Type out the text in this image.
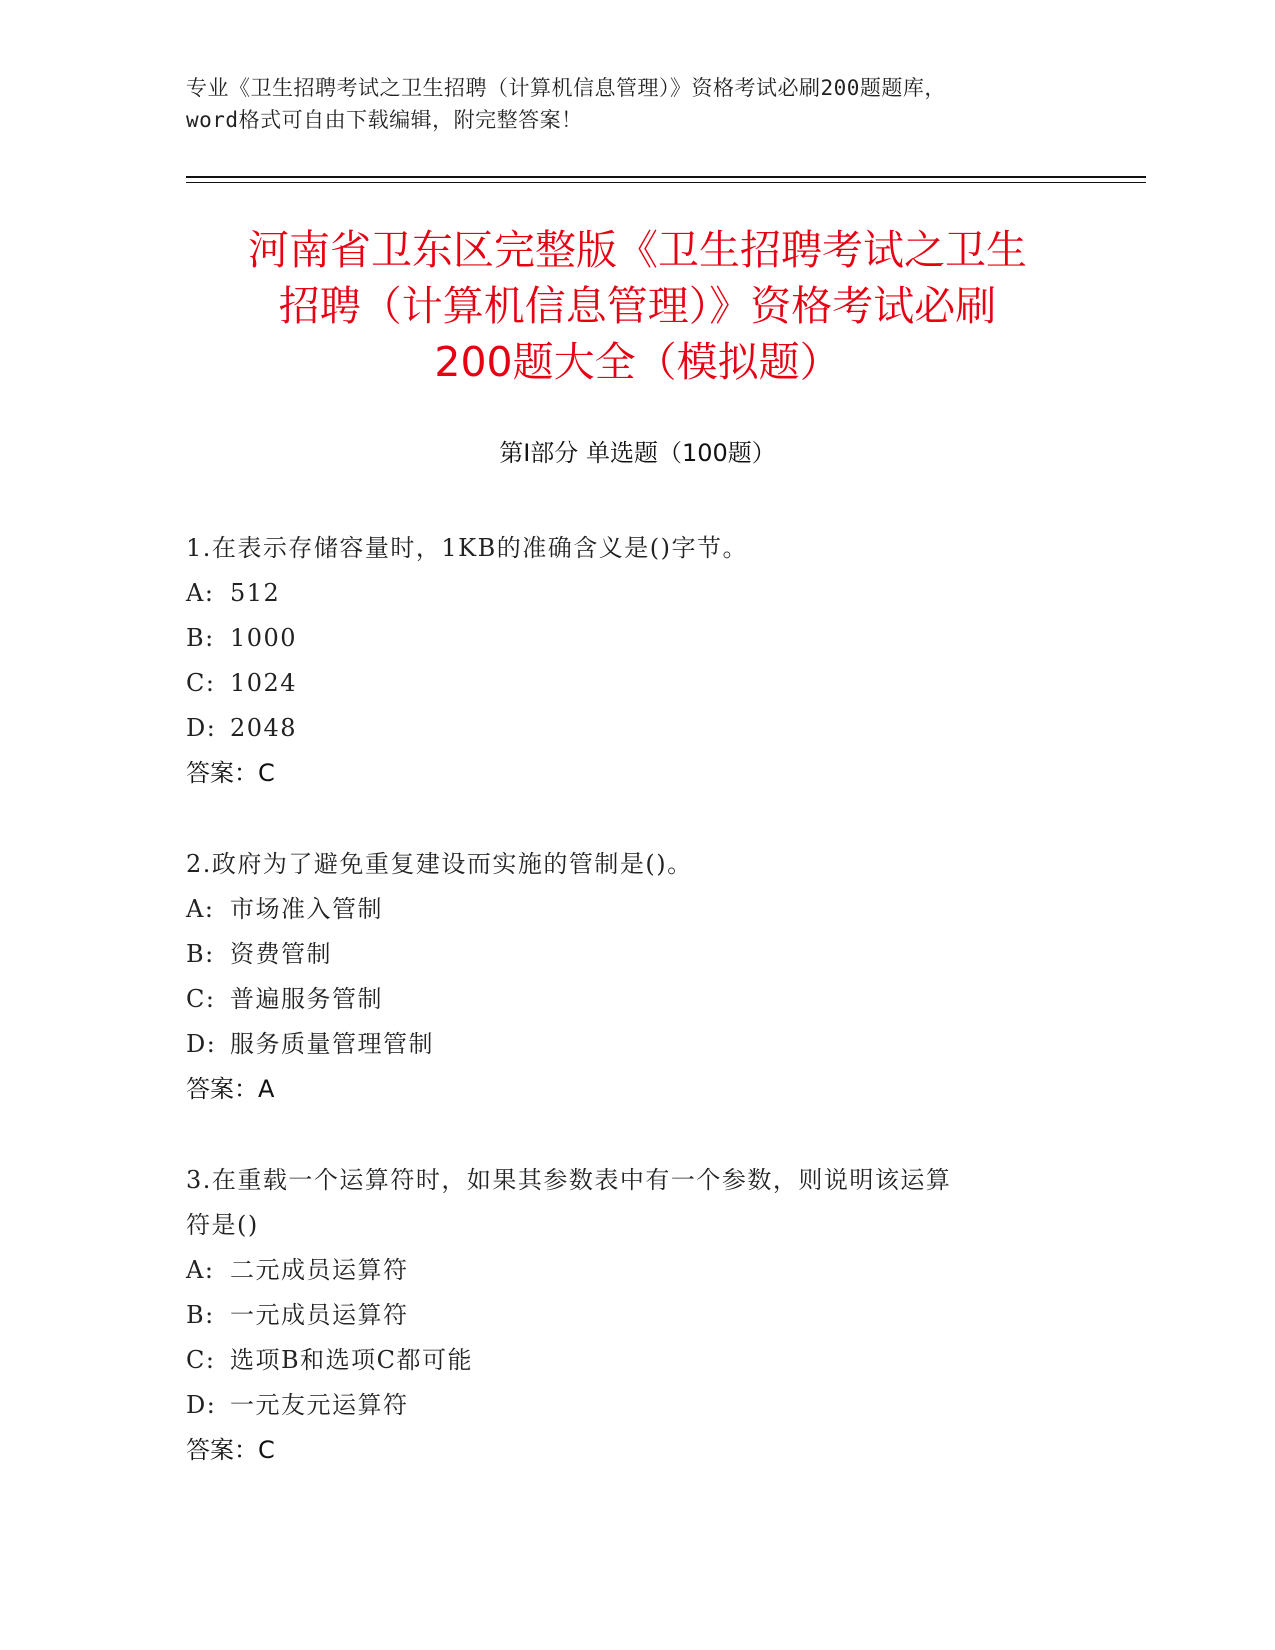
专业《卫生招聘考试之卫生招聘（计算机信息管理）》资格考试必刷200题题库，
word格式可自由下载编辑，附完整答案！
河南省卫东区完整版《卫生招聘考试之卫生
招聘（计算机信息管理）》资格考试必刷
200题大全（模拟题）
第Ⅰ部分 单选题（100题）
1.在表示存储容量时，1KB的准确含义是()字节。
A: 512
B: 1000
C: 1024
D: 2048
答案：C
2.政府为了避免重复建设而实施的管制是()。
A: 市场准入管制
B: 资费管制
C: 普遍服务管制
D: 服务质量管理管制
答案：A
3.在重载一个运算符时，如果其参数表中有一个参数，则说明该运算
符是()
A: 二元成员运算符
B: 一元成员运算符
C: 选项B和选项C都可能
D: 一元友元运算符
答案：C
